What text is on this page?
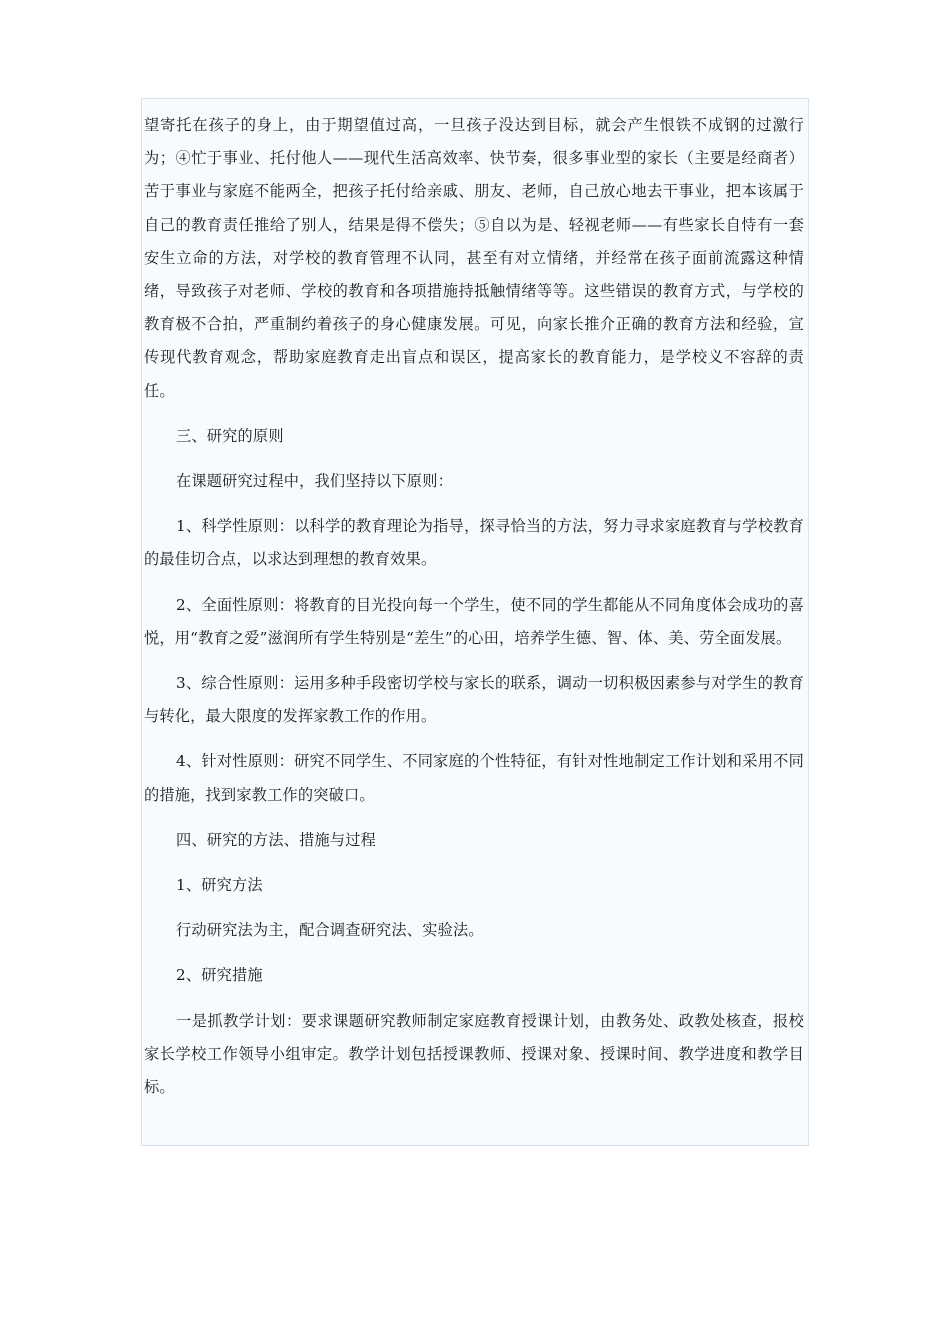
望寄托在孩子的身上，由于期望值过高，一旦孩子没达到目标，就会产生恨铁不成钢的过激行为；④忙于事业、托付他人——现代生活高效率、快节奏，很多事业型的家长（主要是经商者）苦于事业与家庭不能两全，把孩子托付给亲戚、朋友、老师，自己放心地去干事业，把本该属于自己的教育责任推给了别人，结果是得不偿失；⑤自以为是、轻视老师——有些家长自恃有一套安生立命的方法，对学校的教育管理不认同，甚至有对立情绪，并经常在孩子面前流露这种情绪，导致孩子对老师、学校的教育和各项措施持抵触情绪等等。这些错误的教育方式，与学校的教育极不合拍，严重制约着孩子的身心健康发展。可见，向家长推介正确的教育方法和经验，宣传现代教育观念，帮助家庭教育走出盲点和误区，提高家长的教育能力，是学校义不容辞的责任。

三、研究的原则

在课题研究过程中，我们坚持以下原则：

1、科学性原则：以科学的教育理论为指导，探寻恰当的方法，努力寻求家庭教育与学校教育的最佳切合点，以求达到理想的教育效果。

2、全面性原则：将教育的目光投向每一个学生，使不同的学生都能从不同角度体会成功的喜悦，用“教育之爱”滋润所有学生特别是“差生”的心田，培养学生德、智、体、美、劳全面发展。

3、综合性原则：运用多种手段密切学校与家长的联系，调动一切积极因素参与对学生的教育与转化，最大限度的发挥家教工作的作用。

4、针对性原则：研究不同学生、不同家庭的个性特征，有针对性地制定工作计划和采用不同的措施，找到家教工作的突破口。

四、研究的方法、措施与过程

1、研究方法

行动研究法为主，配合调查研究法、实验法。

2、研究措施

一是抓教学计划：要求课题研究教师制定家庭教育授课计划，由教务处、政教处核查，报校家长学校工作领导小组审定。教学计划包括授课教师、授课对象、授课时间、教学进度和教学目标。
